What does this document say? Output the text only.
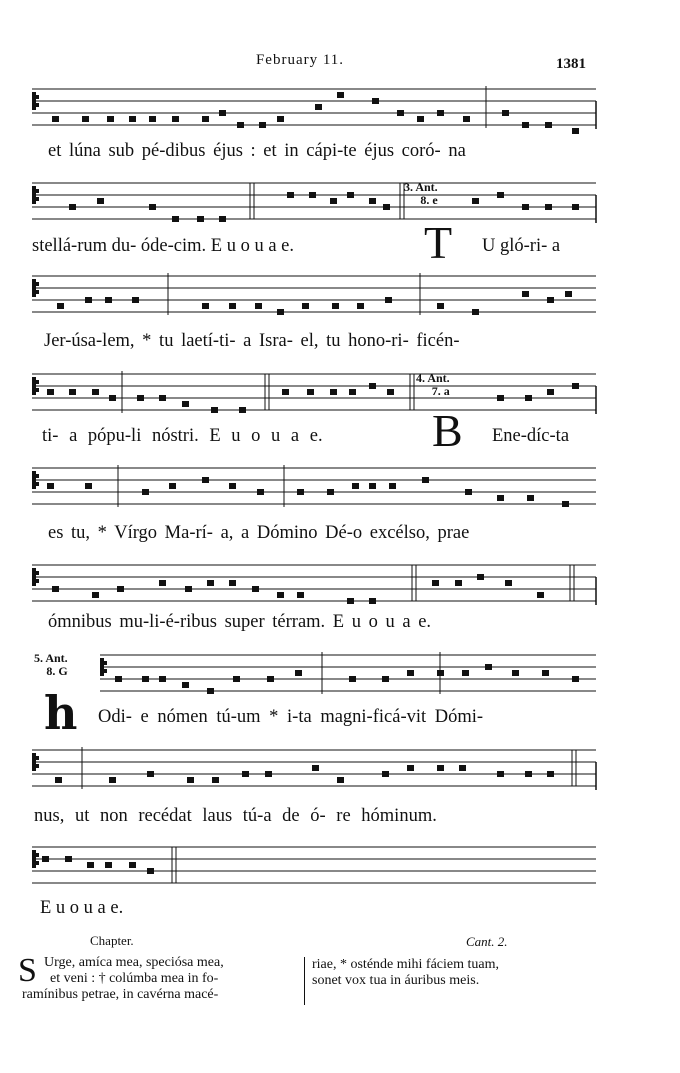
February 11.	1381
et lúna sub pé-dibus éjus : et in cápi-te éjus coró- na
stellá-rum du- óde-cim. E u o u a e.
Jer-úsa-lem, * tu laetí-ti- a Isra- el, tu hono-ri- ficén-
ti- a pópu-li nóstri. E u o u a e.
es tu, * Vírgo Ma-rí- a, a Dómino Dé-o excélso, prae
ómnibus mu-li-é-ribus super térram. E u o u a e.
Odi- e nómen tú-um * i-ta magni-ficá-vit Dómi-
nus, ut non recédat laus tú-a de ó- re hóminum.
E u o u a e.
3. Ant.
8. e
T U gló-ri- a
4. Ant.
7. a
B Ene-díc-ta
5. Ant.
8. G
h
Chapter.	Cant. 2.
S Urge, amíca mea, speciósa mea,
et veni : † colúmba mea in fo-
ramínibus petrae, in cavérna macé-
riae, * osténde mihi fáciem tuam,
sonet vox tua in áuribus meis.
